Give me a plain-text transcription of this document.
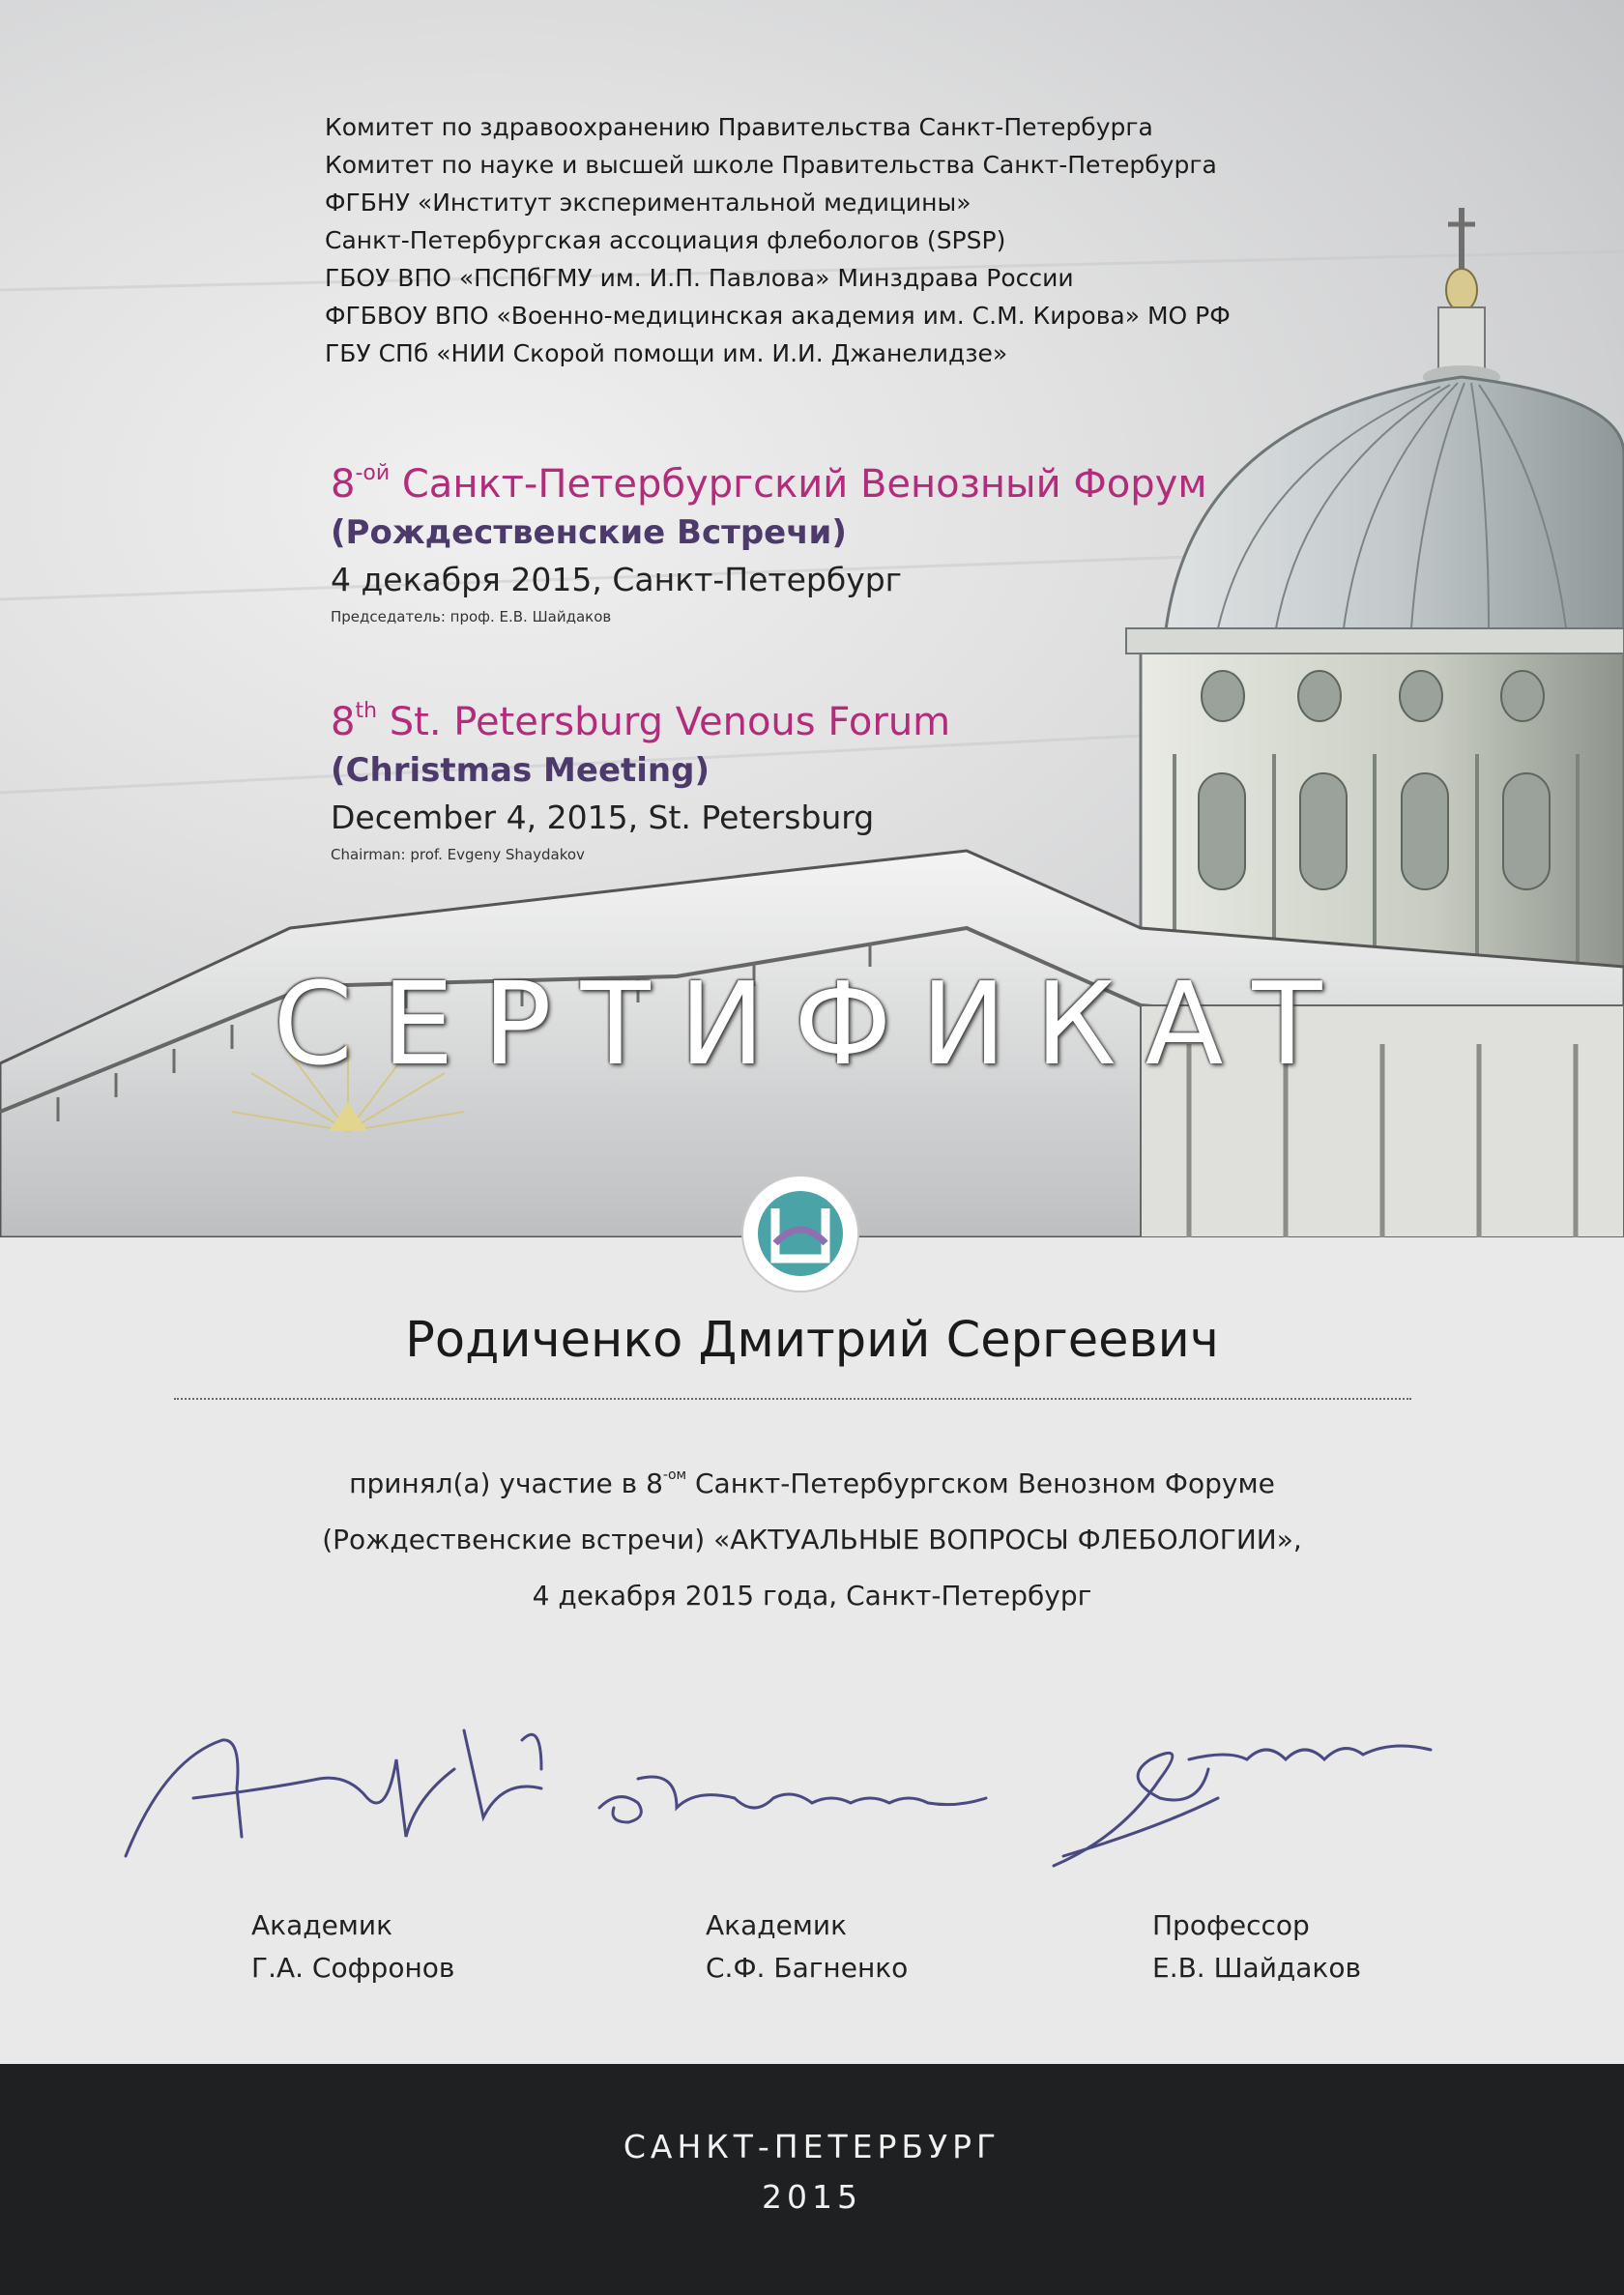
Комитет по здравоохранению Правительства Санкт-Петербурга
Комитет по науке и высшей школе Правительства Санкт-Петербурга
ФГБНУ «Институт экспериментальной медицины»
Санкт-Петербургская ассоциация флебологов (SPSP)
ГБОУ ВПО «ПСПбГМУ им. И.П. Павлова» Минздрава России
ФГБВОУ ВПО «Военно-медицинская академия им. С.М. Кирова» МО РФ
ГБУ СПб «НИИ Скорой помощи им. И.И. Джанелидзе»
$8^{-ой}$ Санкт-Петербургский Венозный Форум
(Рождественские Встречи)
4 декабря 2015, Санкт-Петербург
Председатель: проф. Е.В. Шайдаков
8th St. Petersburg Venous Forum
(Christmas Meeting)
December 4, 2015, St. Petersburg
Chairman: prof. Evgeny Shaydakov
СЕРТИФИКАТ
Родиченко Дмитрий Сергеевич
принял(а) участие в $8^{-ом}$ Санкт-Петербургском Венозном Форуме
(Рождественские встречи) «АКТУАЛЬНЫЕ ВОПРОСЫ ФЛЕБОЛОГИИ»,
4 декабря 2015 года, Санкт-Петербург
Академик
Г.А. Софронов
Академик
С.Ф. Багненко
Профессор
Е.В. Шайдаков
САНКТ-ПЕТЕРБУРГ
2015
